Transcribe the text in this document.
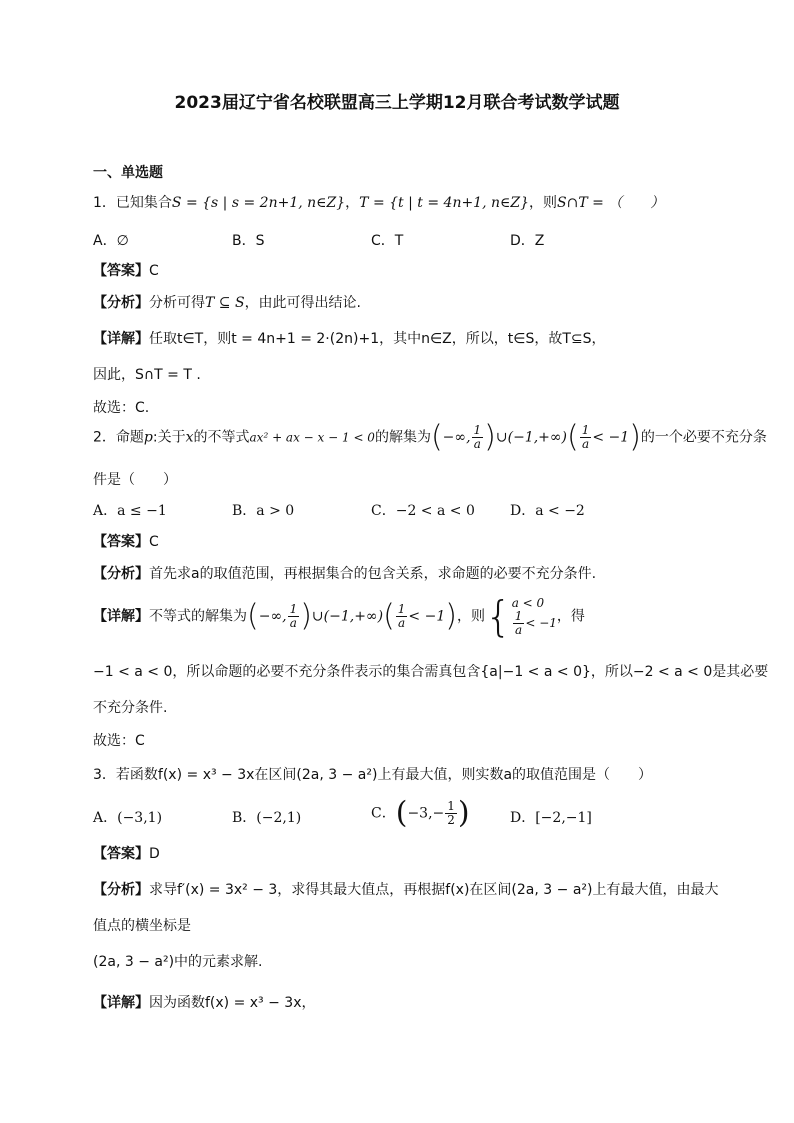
2023届辽宁省名校联盟高三上学期12月联合考试数学试题
一、单选题
1．已知集合S = {s | s = 2n+1, n∈Z}，T = {t | t = 4n+1, n∈Z}，则S∩T = （　　）
A．∅	B．S	C．T	D．Z
【答案】C
【分析】分析可得T ⊆ S，由此可得出结论.
【详解】任取t∈T，则t = 4n+1 = 2·(2n)+1，其中n∈Z，所以，t∈S，故T⊆S，
因此，S∩T = T .
故选：C.
2．命题p:关于x的不等式ax² + ax − x − 1 < 0的解集为(−∞, $\frac{1}{a}$ )∪(−1,+∞)( $\frac{1}{a} < -1$)的一个必要不充分条
件是（　　）
A．a ≤ −1	B．a > 0	C．−2 < a < 0	D．a < −2
【答案】C
【分析】首先求a的取值范围，再根据集合的包含关系，求命题的必要不充分条件.
【详解】不等式的解集为(−∞, $\frac{1}{a}$ )∪(−1,+∞)( $\frac{1}{a} < -1$)，则{ a < 0
$\frac{1}{a} < -1$ ，得
−1 < a < 0，所以命题的必要不充分条件表示的集合需真包含{a|−1 < a < 0}，所以−2 < a < 0是其必要
不充分条件.
故选：C
3．若函数f(x) = x³ − 3x在区间(2a, 3 − a²)上有最大值，则实数a的取值范围是（　　）
A．(−3,1)	B．(−2,1)	C．($-3,- \frac{1}{2}$ )	D．[−2,−1]
【答案】D
【分析】求导f′(x) = 3x² − 3，求得其最大值点，再根据f(x)在区间(2a, 3 − a²)上有最大值，由最大
值点的横坐标是
(2a, 3 − a²)中的元素求解.
【详解】因为函数f(x) = x³ − 3x，
